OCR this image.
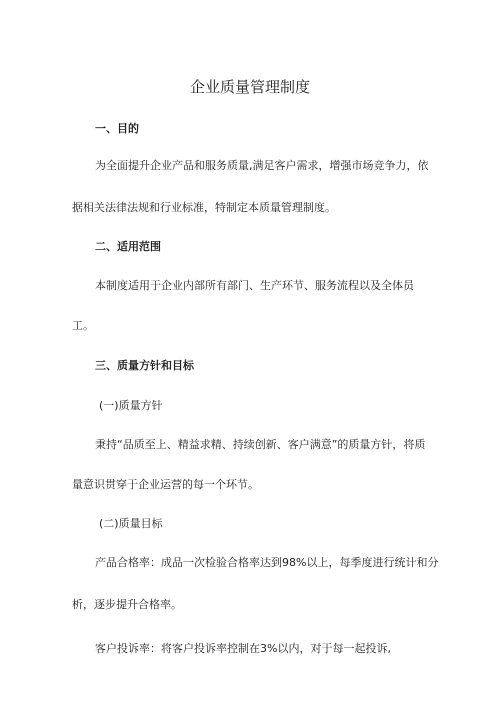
企业质量管理制度
一、目的
为全面提升企业产品和服务质量,满足客户需求，增强市场竞争力，依
据相关法律法规和行业标准，特制定本质量管理制度。
二、适用范围
本制度适用于企业内部所有部门、生产环节、服务流程以及全体员
工。
三、质量方针和目标
(一)质量方针
秉持“品质至上、精益求精、持续创新、客户满意”的质量方针，将质
量意识贯穿于企业运营的每一个环节。
(二)质量目标
产品合格率：成品一次检验合格率达到98%以上，每季度进行统计和分
析，逐步提升合格率。
客户投诉率：将客户投诉率控制在3%以内，对于每一起投诉,
